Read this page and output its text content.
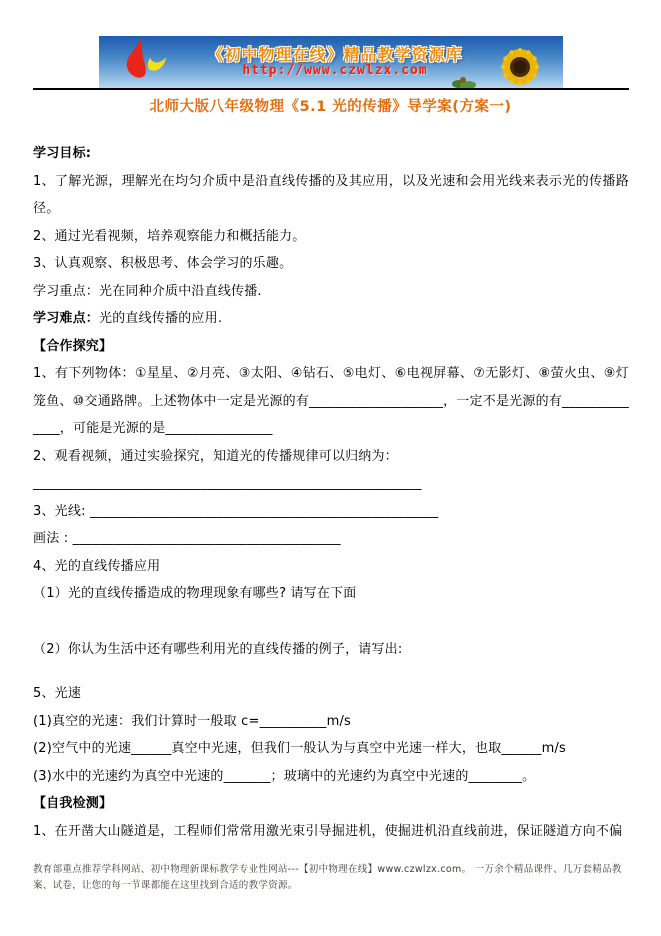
《初中物理在线》精品教学资源库
http://www.czwlzx.com
北师大版八年级物理《5.1 光的传播》导学案(方案一)

学习目标:

1、了解光源，理解光在均匀介质中是沿直线传播的及其应用，以及光速和会用光线来表示光的传播路径。

2、通过光看视频，培养观察能力和概括能力。

3、认真观察、积极思考、体会学习的乐趣。

学习重点：光在同种介质中沿直线传播.

学习难点：光的直线传播的应用.

【合作探究】

1、有下列物体：①星星、②月亮、③太阳、④钻石、⑤电灯、⑥电视屏幕、⑦无影灯、⑧萤火虫、⑨灯笼鱼、⑩交通路牌。上述物体中一定是光源的有____________________，一定不是光源的有______________，可能是光源的是________________

2、观看视频，通过实验探究，知道光的传播规律可以归纳为：

__________________________________________________________

3、光线: ____________________________________________________

画法 : ________________________________________

4、光的直线传播应用

（1）光的直线传播造成的物理现象有哪些? 请写在下面

（2）你认为生活中还有哪些利用光的直线传播的例子，请写出:

5、光速

(1)真空的光速：我们计算时一般取 c=__________m/s

(2)空气中的光速______真空中光速，但我们一般认为与真空中光速一样大，也取______m/s

(3)水中的光速约为真空中光速的_______；玻璃中的光速约为真空中光速的________。

【自我检测】

1、在开凿大山隧道是，工程师们常常用激光束引导掘进机，使掘进机沿直线前进，保证隧道方向不偏

教育部重点推荐学科网站、初中物理新课标教学专业性网站---【初中物理在线】www.czwlzx.com。 一万余个精品课件、几万套精品教案、试卷，让您的每一节课都能在这里找到合适的教学资源。
